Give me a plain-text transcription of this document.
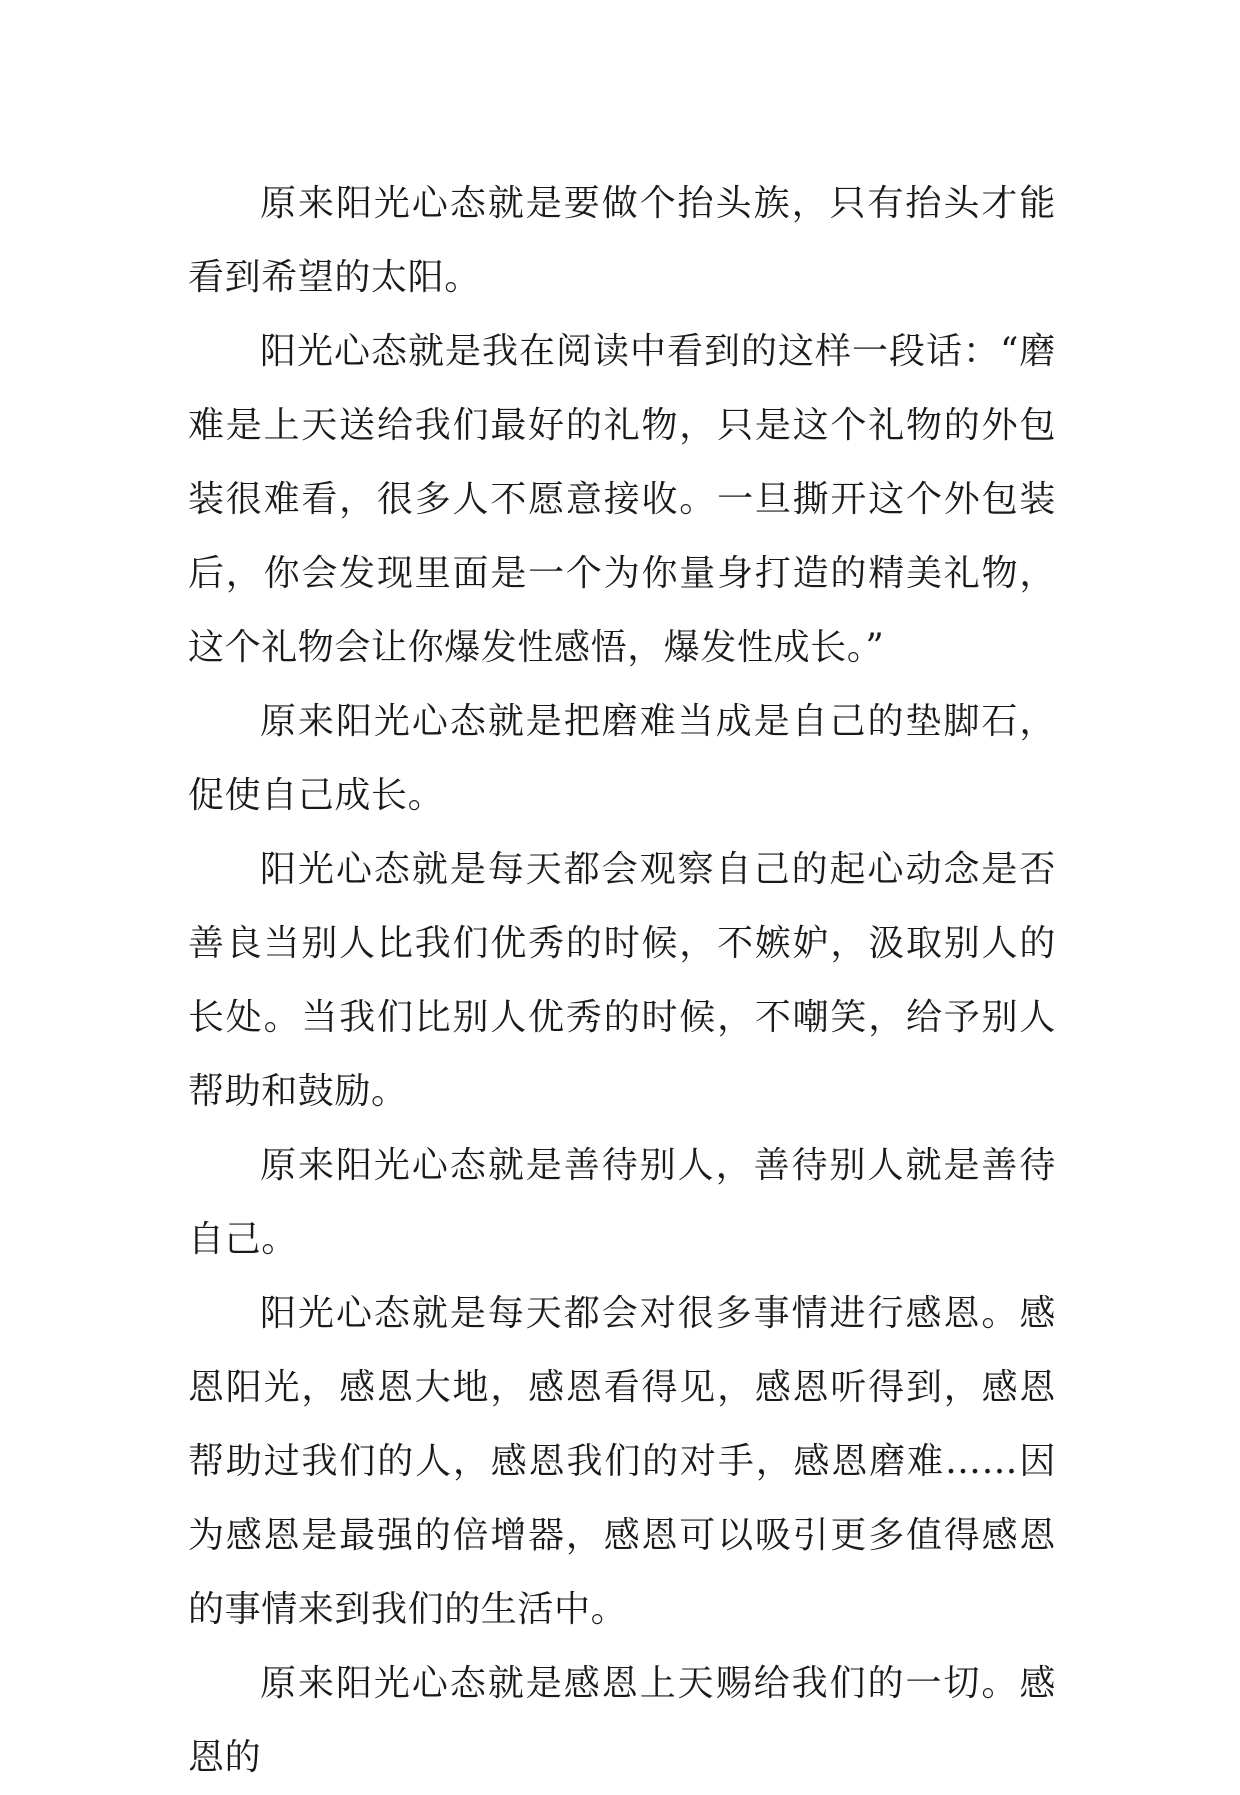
原来阳光心态就是要做个抬头族，只有抬头才能看到希望的太阳。

阳光心态就是我在阅读中看到的这样一段话：“磨难是上天送给我们最好的礼物，只是这个礼物的外包装很难看，很多人不愿意接收。一旦撕开这个外包装后，你会发现里面是一个为你量身打造的精美礼物，这个礼物会让你爆发性感悟，爆发性成长。”

原来阳光心态就是把磨难当成是自己的垫脚石，促使自己成长。

阳光心态就是每天都会观察自己的起心动念是否善良当别人比我们优秀的时候，不嫉妒，汲取别人的长处。当我们比别人优秀的时候，不嘲笑，给予别人帮助和鼓励。

原来阳光心态就是善待别人，善待别人就是善待自己。

阳光心态就是每天都会对很多事情进行感恩。感恩阳光，感恩大地，感恩看得见，感恩听得到，感恩帮助过我们的人，感恩我们的对手，感恩磨难……因为感恩是最强的倍增器，感恩可以吸引更多值得感恩的事情来到我们的生活中。

原来阳光心态就是感恩上天赐给我们的一切。感恩的
